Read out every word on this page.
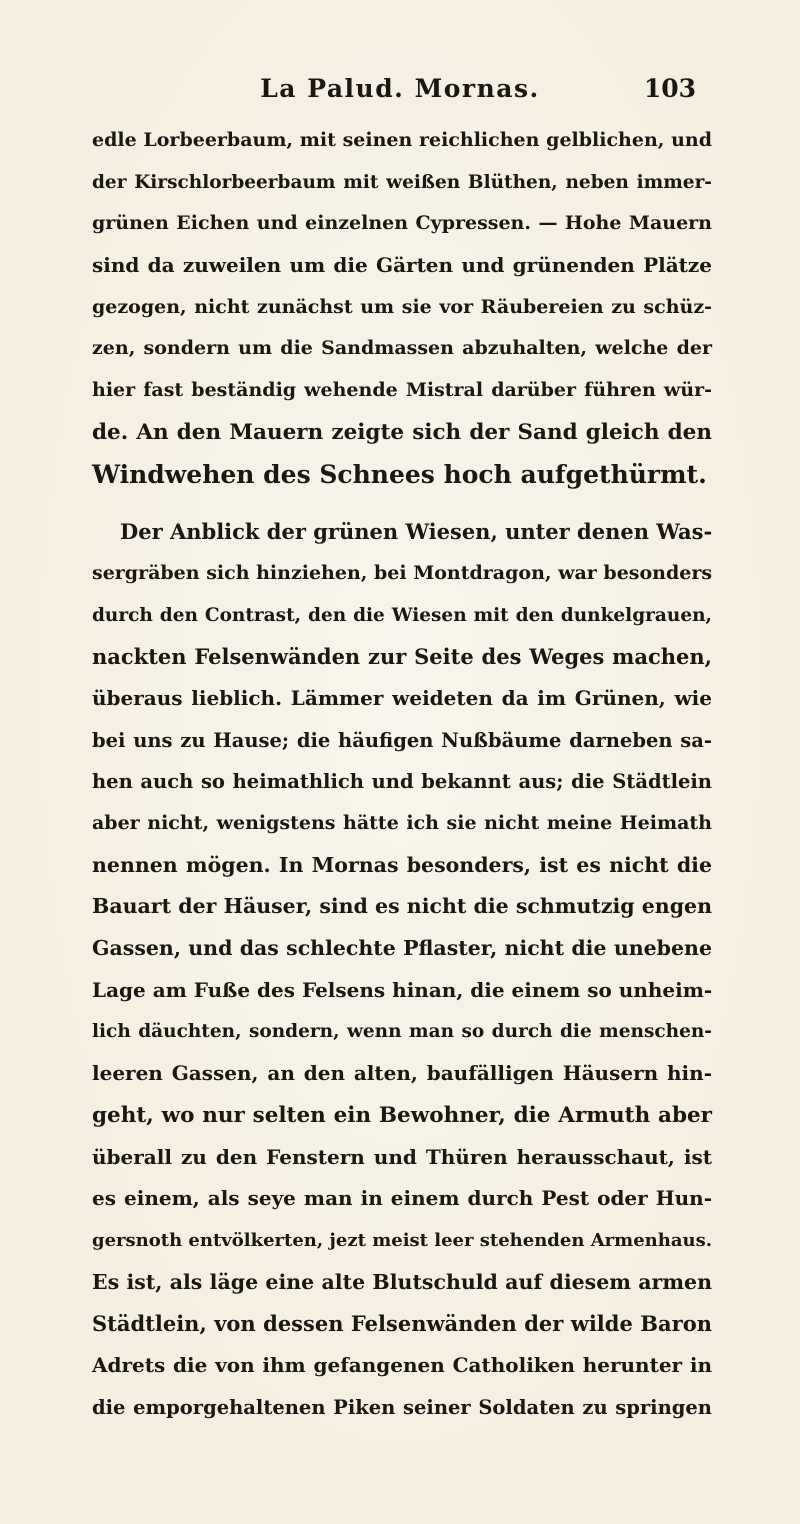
La Palud. Mornas.	103
edle Lorbeerbaum, mit seinen reichlichen gelblichen, und
der Kirschlorbeerbaum mit weißen Blüthen, neben immer-
grünen Eichen und einzelnen Cypressen. — Hohe Mauern
sind da zuweilen um die Gärten und grünenden Plätze
gezogen, nicht zunächst um sie vor Räubereien zu schüz-
zen, sondern um die Sandmassen abzuhalten, welche der
hier fast beständig wehende Mistral darüber führen wür-
de. An den Mauern zeigte sich der Sand gleich den
Windwehen des Schnees hoch aufgethürmt.
Der Anblick der grünen Wiesen, unter denen Was-
sergräben sich hinziehen, bei Montdragon, war besonders
durch den Contrast, den die Wiesen mit den dunkelgrauen,
nackten Felsenwänden zur Seite des Weges machen,
überaus lieblich. Lämmer weideten da im Grünen, wie
bei uns zu Hause; die häufigen Nußbäume darneben sa-
hen auch so heimathlich und bekannt aus; die Städtlein
aber nicht, wenigstens hätte ich sie nicht meine Heimath
nennen mögen. In Mornas besonders, ist es nicht die
Bauart der Häuser, sind es nicht die schmutzig engen
Gassen, und das schlechte Pflaster, nicht die unebene
Lage am Fuße des Felsens hinan, die einem so unheim-
lich däuchten, sondern, wenn man so durch die menschen-
leeren Gassen, an den alten, baufälligen Häusern hin-
geht, wo nur selten ein Bewohner, die Armuth aber
überall zu den Fenstern und Thüren herausschaut, ist
es einem, als seye man in einem durch Pest oder Hun-
gersnoth entvölkerten, jezt meist leer stehenden Armenhaus.
Es ist, als läge eine alte Blutschuld auf diesem armen
Städtlein, von dessen Felsenwänden der wilde Baron
Adrets die von ihm gefangenen Catholiken herunter in
die emporgehaltenen Piken seiner Soldaten zu springen
